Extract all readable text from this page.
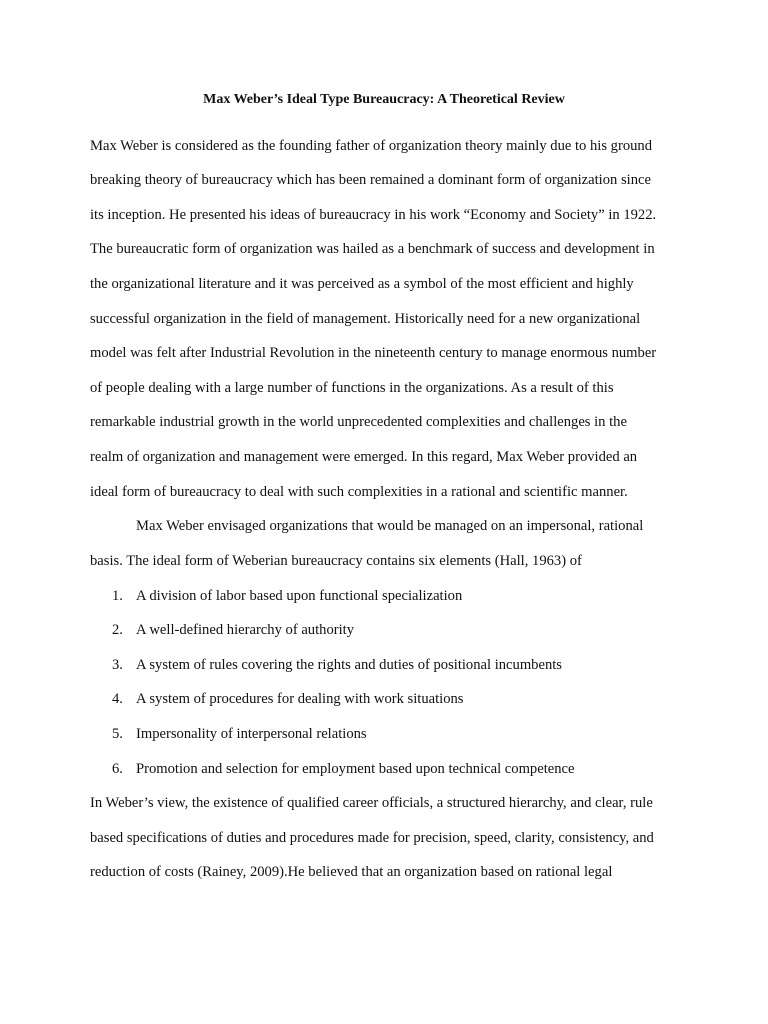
Max Weber’s Ideal Type Bureaucracy: A Theoretical Review
Max Weber is considered as the founding father of organization theory mainly due to his ground
breaking theory of bureaucracy which has been remained a dominant form of organization since
its inception. He presented his ideas of bureaucracy in his work “Economy and Society” in 1922.
The bureaucratic form of organization was hailed as a benchmark of success and development in
the organizational literature and it was perceived as a symbol of the most efficient and highly
successful organization in the field of management. Historically need for a new organizational
model was felt after Industrial Revolution in the nineteenth century to manage enormous number
of people dealing with a large number of functions in the organizations. As a result of this
remarkable industrial growth in the world unprecedented complexities and challenges in the
realm of organization and management were emerged. In this regard, Max Weber provided an
ideal form of bureaucracy to deal with such complexities in a rational and scientific manner.
Max Weber envisaged organizations that would be managed on an impersonal, rational
basis. The ideal form of Weberian bureaucracy contains six elements (Hall, 1963) of
1. A division of labor based upon functional specialization
2. A well-defined hierarchy of authority
3. A system of rules covering the rights and duties of positional incumbents
4. A system of procedures for dealing with work situations
5. Impersonality of interpersonal relations
6. Promotion and selection for employment based upon technical competence
In Weber’s view, the existence of qualified career officials, a structured hierarchy, and clear, rule
based specifications of duties and procedures made for precision, speed, clarity, consistency, and
reduction of costs (Rainey, 2009).He believed that an organization based on rational legal
